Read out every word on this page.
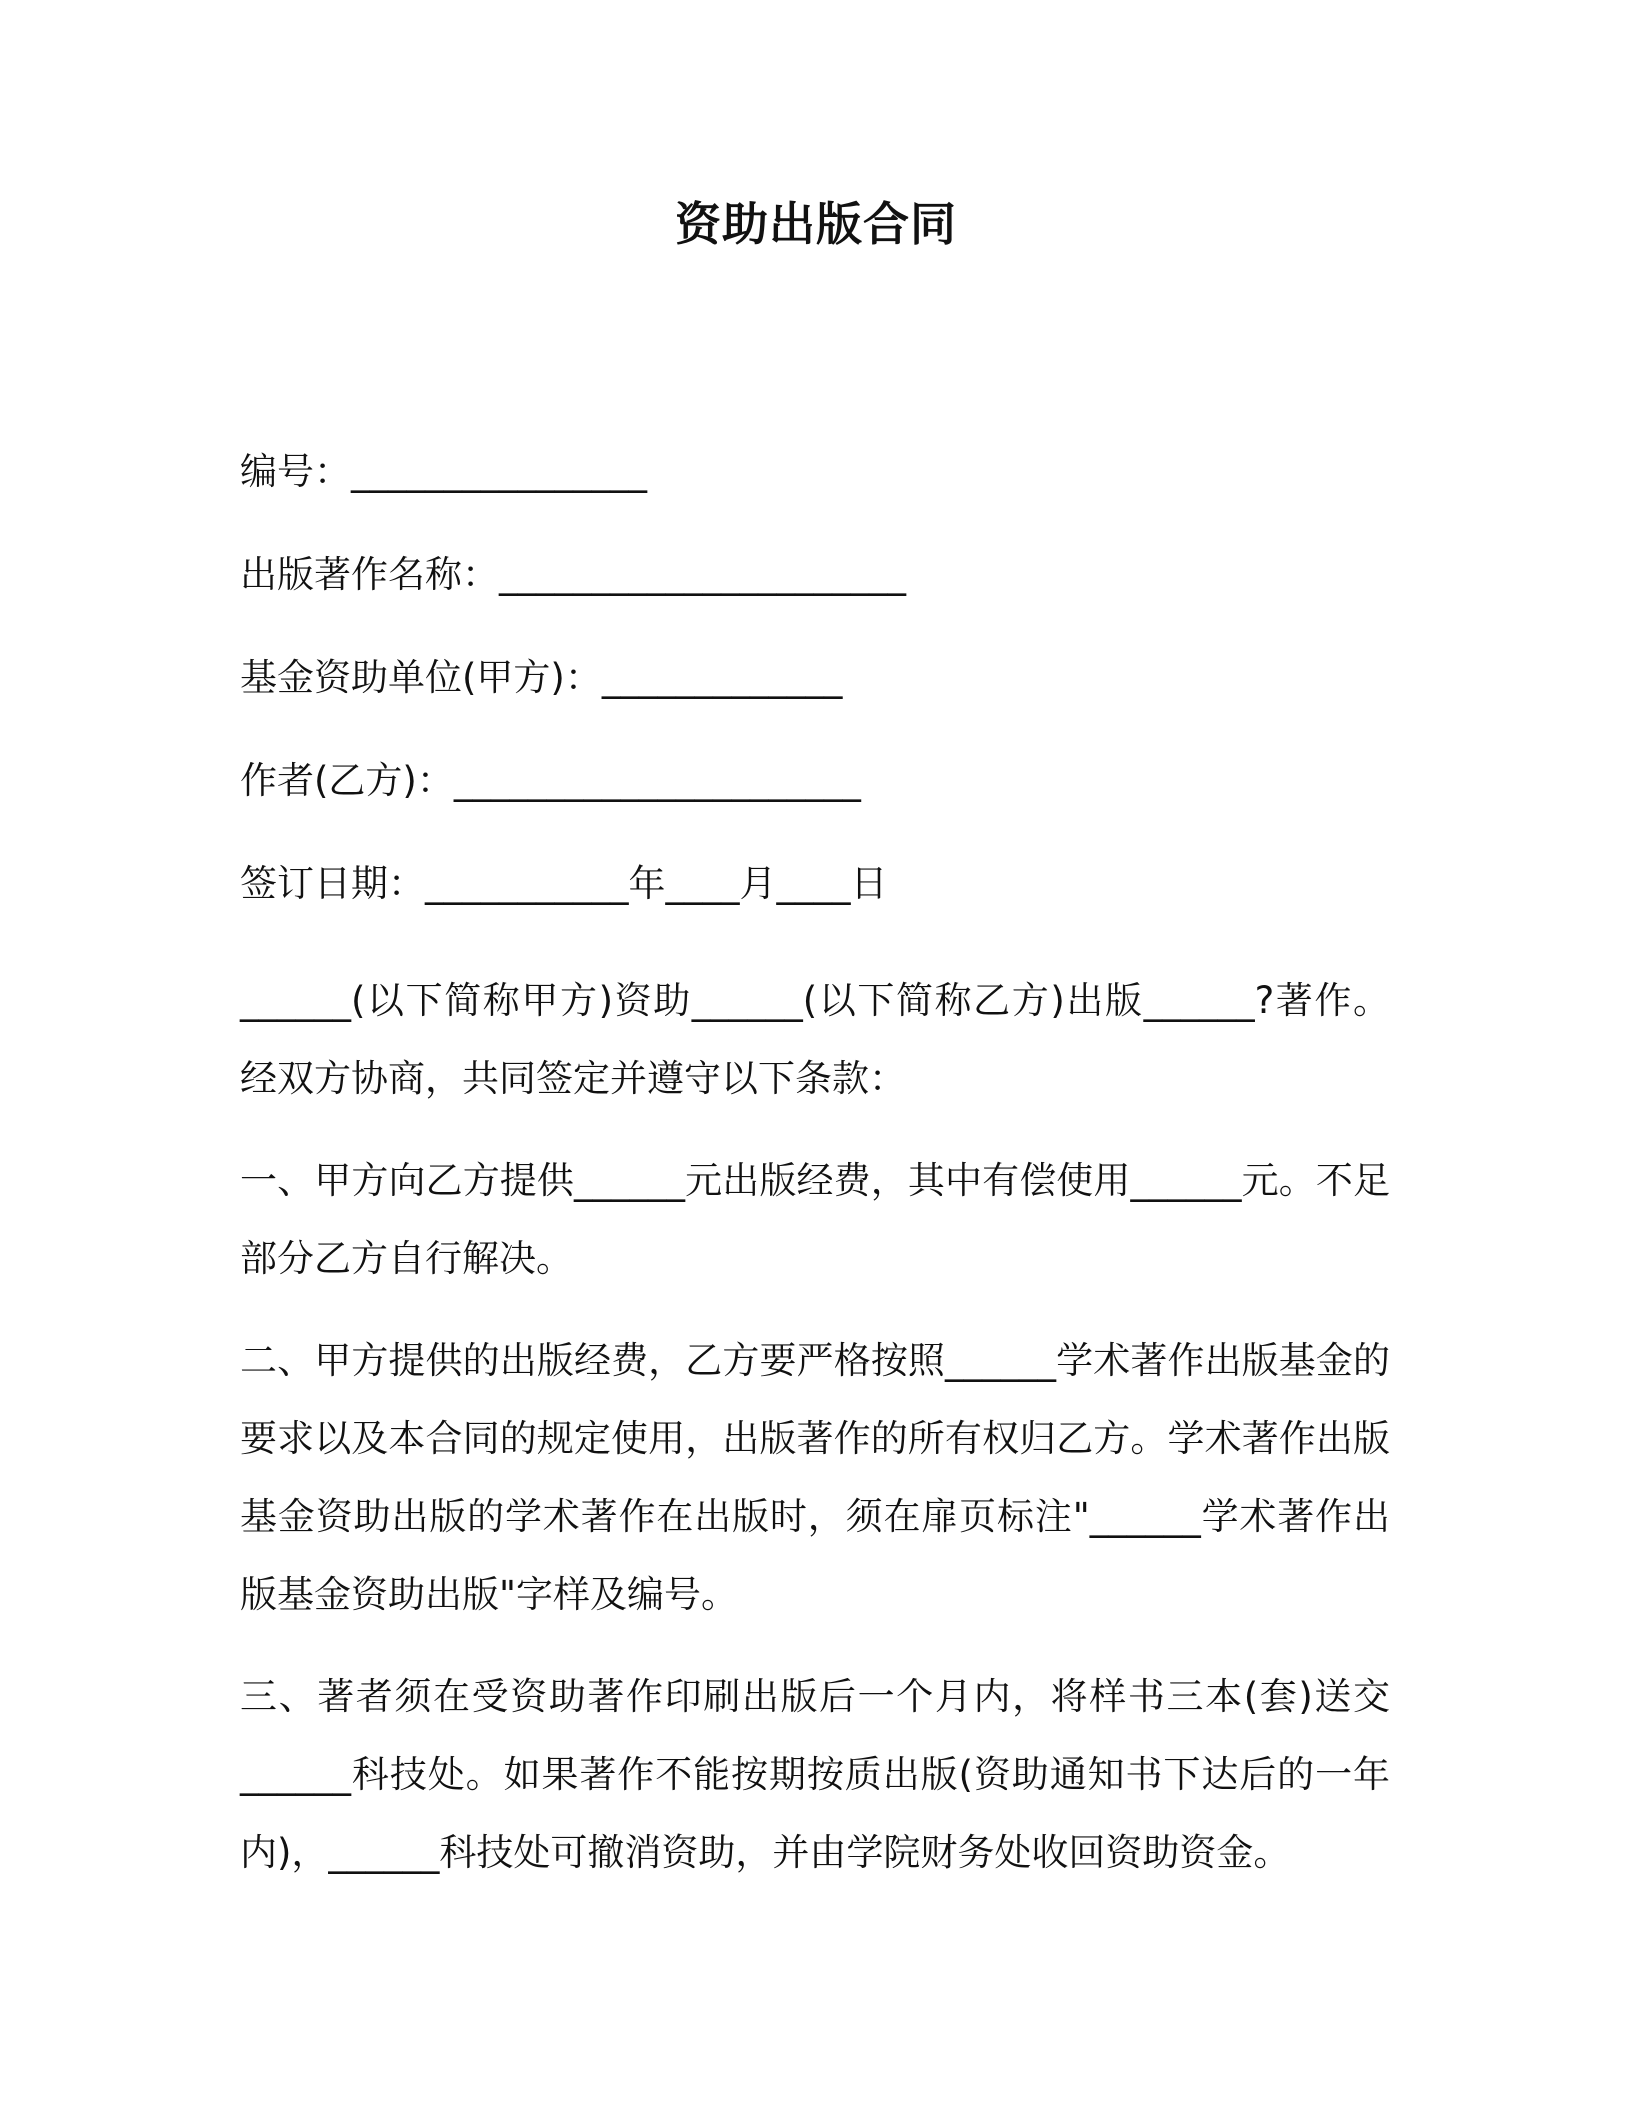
资助出版合同
编号：________________
出版著作名称：______________________
基金资助单位(甲方)：_____________
作者(乙方)：______________________
签订日期：___________年____月____日

______(以下简称甲方)资助______(以下简称乙方)出版______?著作。经双方协商，共同签定并遵守以下条款：

一、甲方向乙方提供______元出版经费，其中有偿使用______元。不足部分乙方自行解决。

二、甲方提供的出版经费，乙方要严格按照______学术著作出版基金的要求以及本合同的规定使用，出版著作的所有权归乙方。学术著作出版基金资助出版的学术著作在出版时，须在扉页标注"______学术著作出版基金资助出版"字样及编号。

三、著者须在受资助著作印刷出版后一个月内，将样书三本(套)送交______科技处。如果著作不能按期按质出版(资助通知书下达后的一年内)，______科技处可撤消资助，并由学院财务处收回资助资金。
